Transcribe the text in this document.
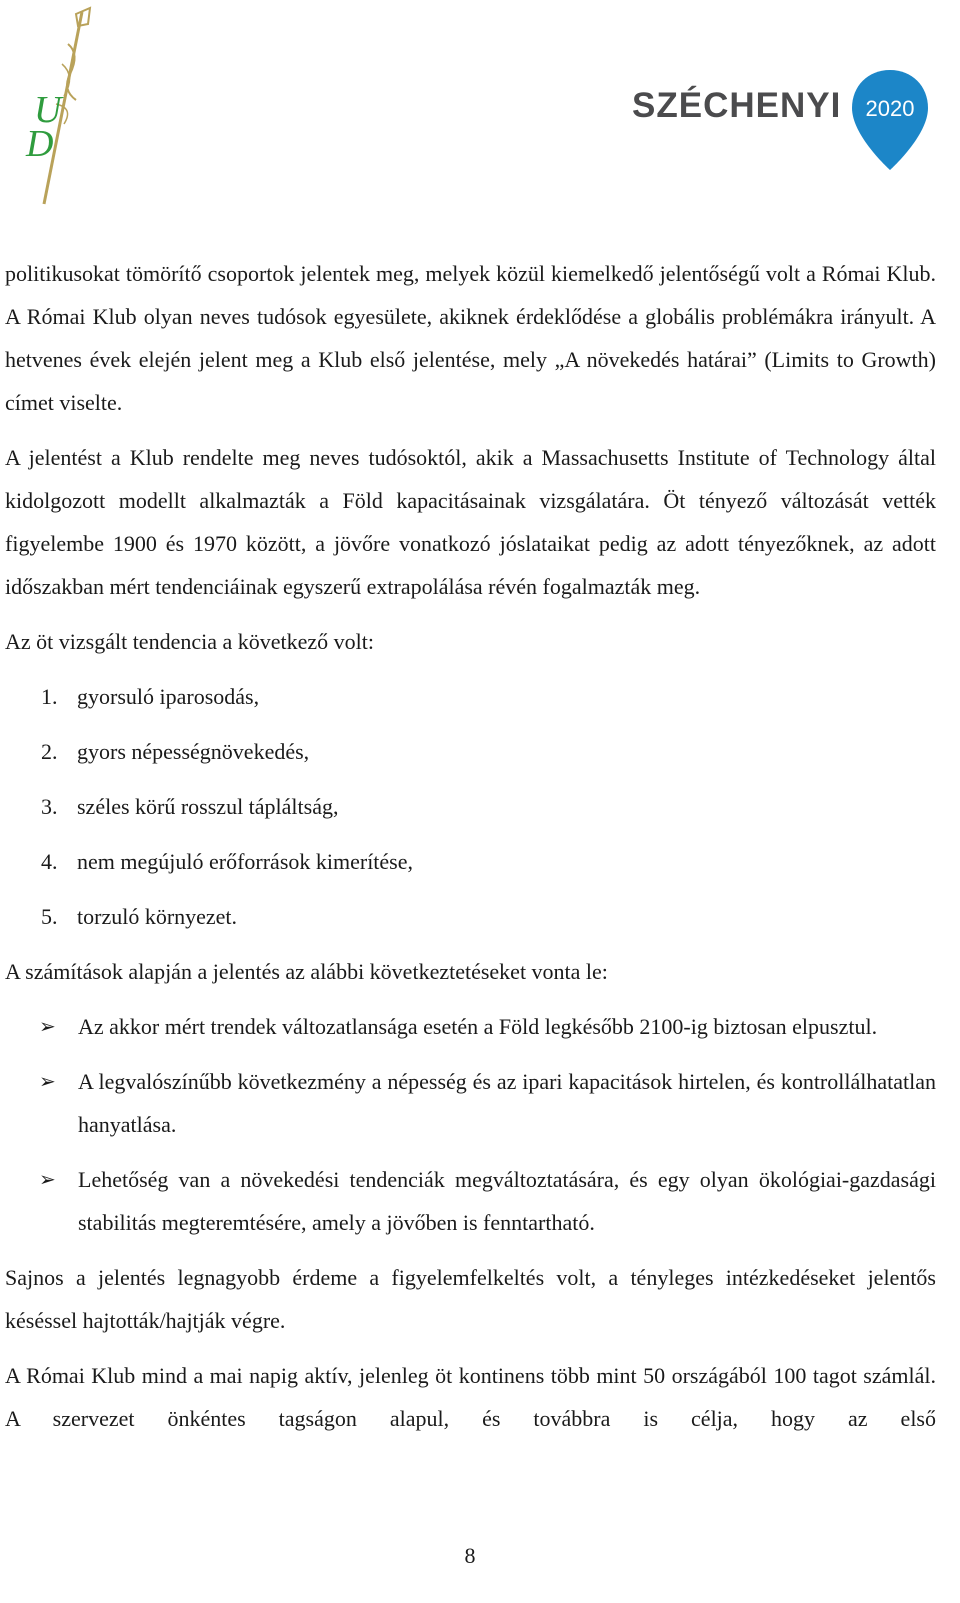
U
D
SZÉCHENYI 2020

politikusokat tömörítő csoportok jelentek meg, melyek közül kiemelkedő jelentőségű volt a Római Klub. A Római Klub olyan neves tudósok egyesülete, akiknek érdeklődése a globális problémákra irányult. A hetvenes évek elején jelent meg a Klub első jelentése, mely „A növekedés határai” (Limits to Growth) címet viselte.

A jelentést a Klub rendelte meg neves tudósoktól, akik a Massachusetts Institute of Technology által kidolgozott modellt alkalmazták a Föld kapacitásainak vizsgálatára. Öt tényező változását vették figyelembe 1900 és 1970 között, a jövőre vonatkozó jóslataikat pedig az adott tényezőknek, az adott időszakban mért tendenciáinak egyszerű extrapolálása révén fogalmazták meg.

Az öt vizsgált tendencia a következő volt:

1. gyorsuló iparosodás,
2. gyors népességnövekedés,
3. széles körű rosszul tápláltság,
4. nem megújuló erőforrások kimerítése,
5. torzuló környezet.

A számítások alapján a jelentés az alábbi következtetéseket vonta le:

➢ Az akkor mért trendek változatlansága esetén a Föld legkésőbb 2100-ig biztosan elpusztul.
➢ A legvalószínűbb következmény a népesség és az ipari kapacitások hirtelen, és kontrollálhatatlan hanyatlása.
➢ Lehetőség van a növekedési tendenciák megváltoztatására, és egy olyan ökológiai-gazdasági stabilitás megteremtésére, amely a jövőben is fenntartható.

Sajnos a jelentés legnagyobb érdeme a figyelemfelkeltés volt, a tényleges intézkedéseket jelentős késéssel hajtották/hajtják végre.

A Római Klub mind a mai napig aktív, jelenleg öt kontinens több mint 50 országából 100 tagot számlál. A szervezet önkéntes tagságon alapul, és továbbra is célja, hogy az első

8
